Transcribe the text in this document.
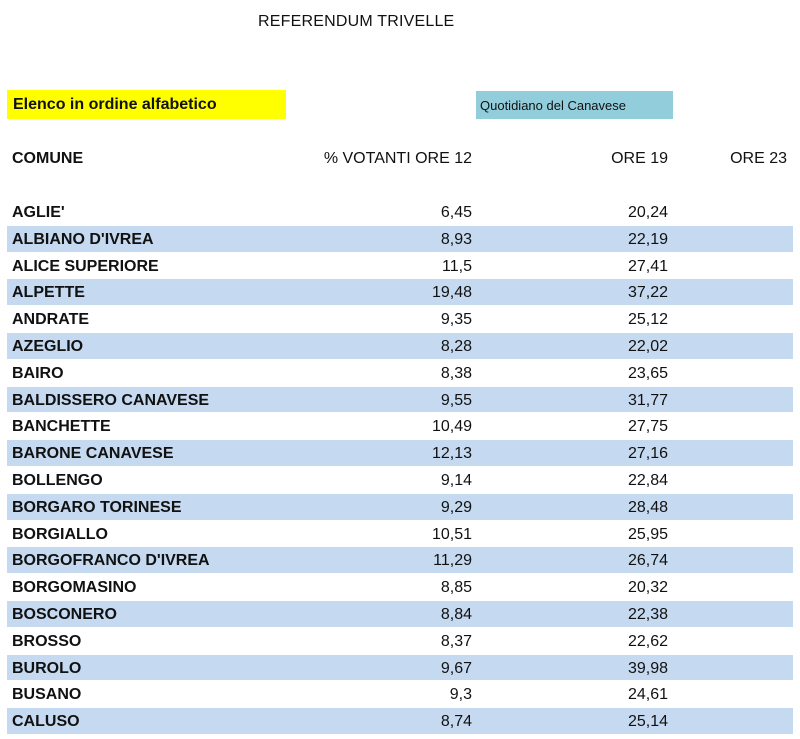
REFERENDUM TRIVELLE
Elenco in ordine alfabetico	Quotidiano del Canavese
COMUNE	% VOTANTI ORE 12	ORE 19	ORE 23
AGLIE'	6,45	20,24
ALBIANO D'IVREA	8,93	22,19
ALICE SUPERIORE	11,5	27,41
ALPETTE	19,48	37,22
ANDRATE	9,35	25,12
AZEGLIO	8,28	22,02
BAIRO	8,38	23,65
BALDISSERO CANAVESE	9,55	31,77
BANCHETTE	10,49	27,75
BARONE CANAVESE	12,13	27,16
BOLLENGO	9,14	22,84
BORGARO TORINESE	9,29	28,48
BORGIALLO	10,51	25,95
BORGOFRANCO D'IVREA	11,29	26,74
BORGOMASINO	8,85	20,32
BOSCONERO	8,84	22,38
BROSSO	8,37	22,62
BUROLO	9,67	39,98
BUSANO	9,3	24,61
CALUSO	8,74	25,14
